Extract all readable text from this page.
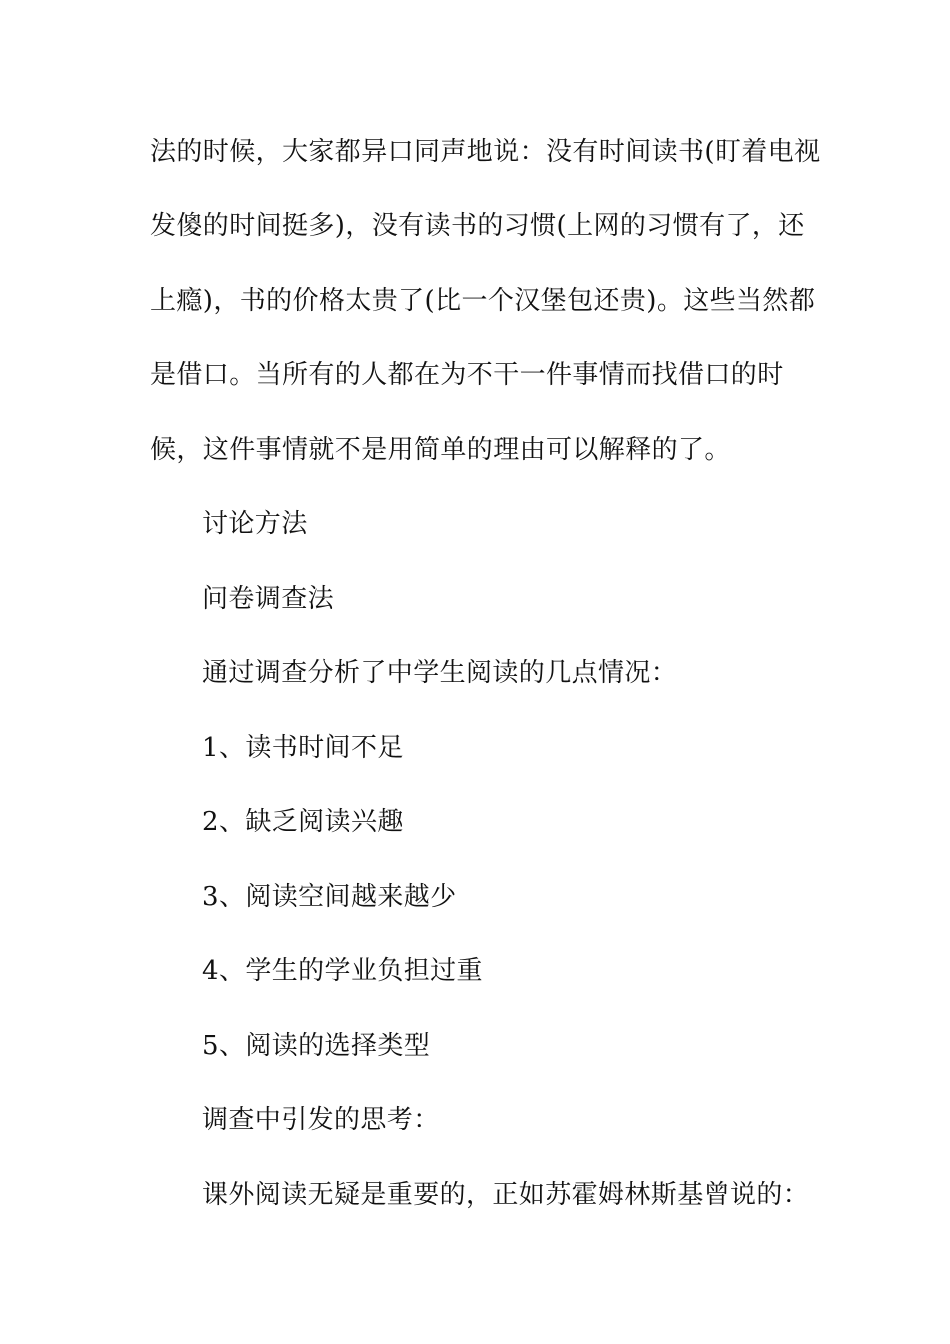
法的时候，大家都异口同声地说：没有时间读书(盯着电视
发傻的时间挺多)，没有读书的习惯(上网的习惯有了，还
上瘾)，书的价格太贵了(比一个汉堡包还贵)。这些当然都
是借口。当所有的人都在为不干一件事情而找借口的时
候，这件事情就不是用简单的理由可以解释的了。
讨论方法
问卷调查法
通过调查分析了中学生阅读的几点情况：
1、读书时间不足
2、缺乏阅读兴趣
3、阅读空间越来越少
4、学生的学业负担过重
5、阅读的选择类型
调查中引发的思考：
课外阅读无疑是重要的，正如苏霍姆林斯基曾说的：
